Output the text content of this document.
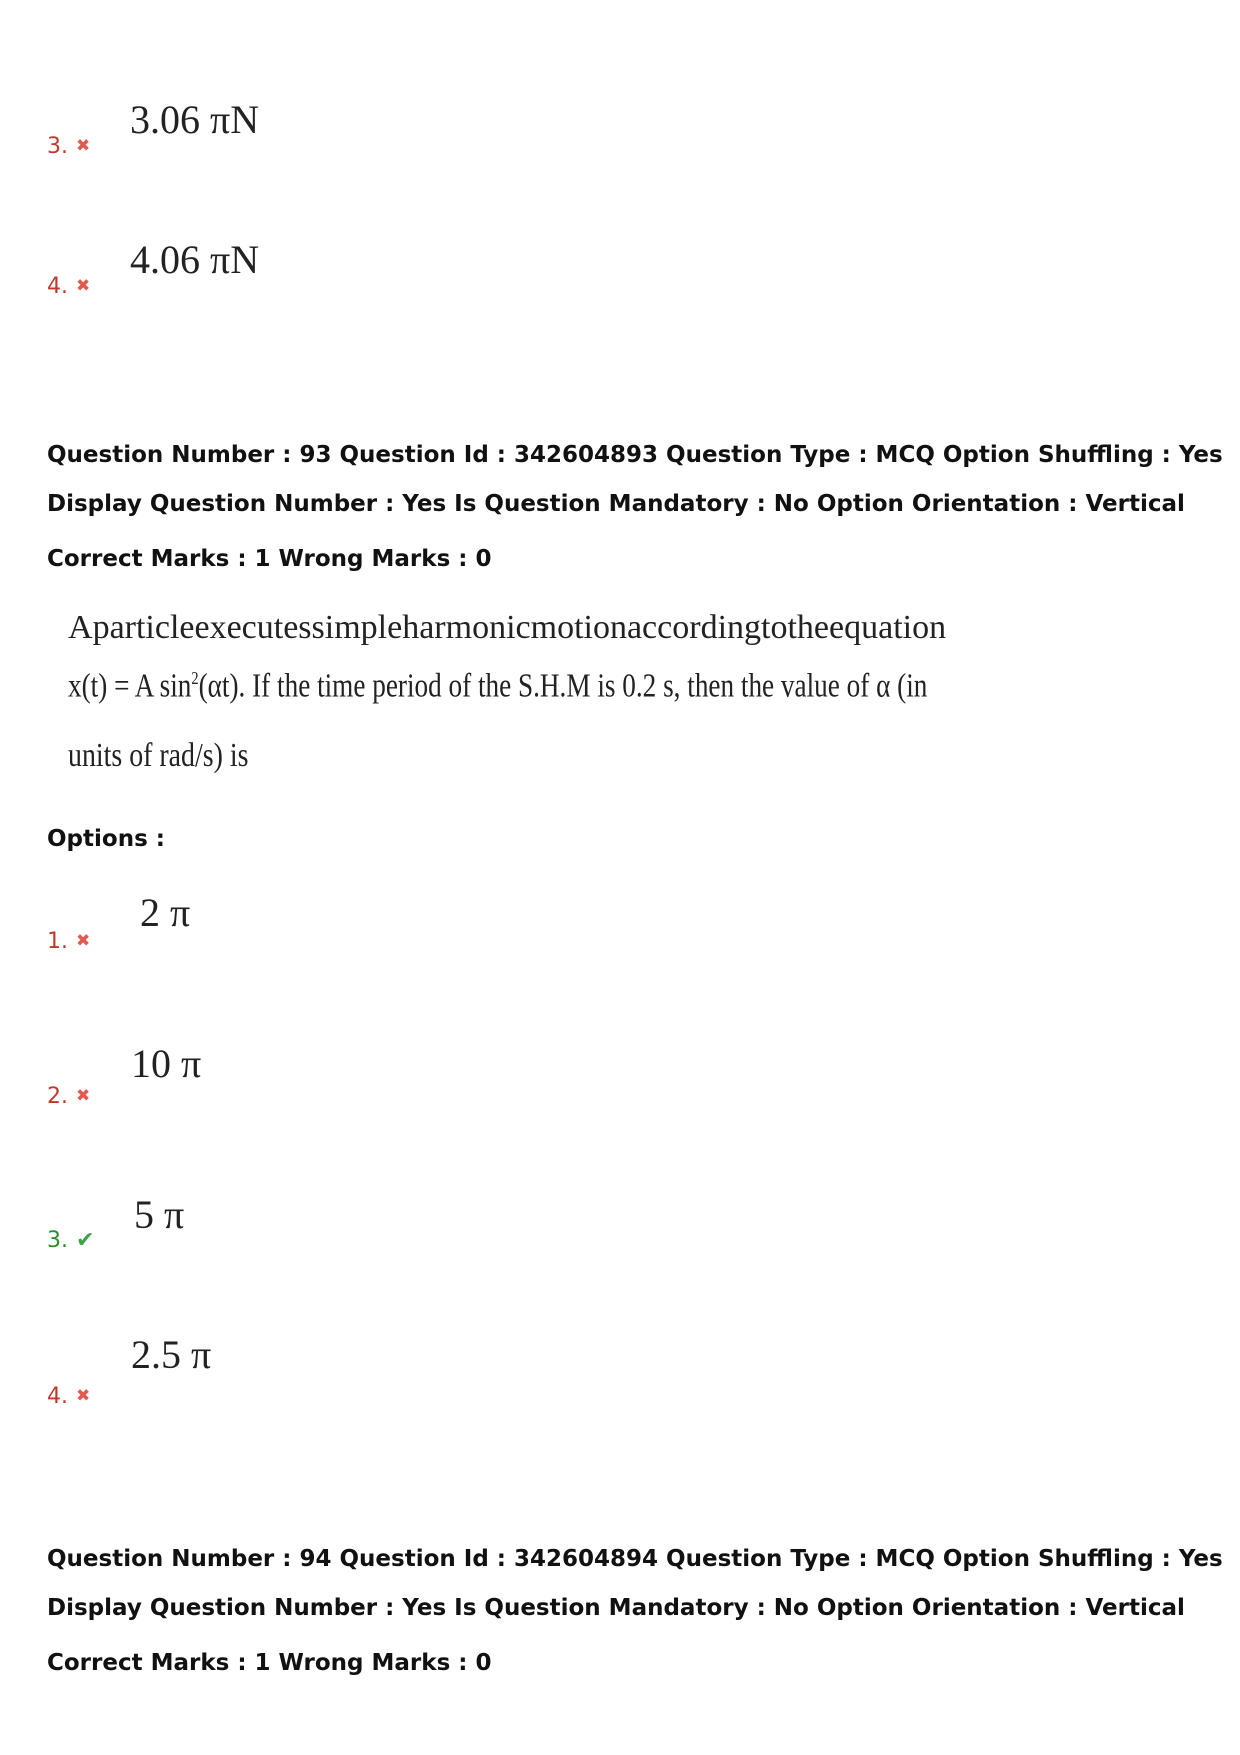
3.06 πN
3. ✖
4.06 πN
4. ✖
Question Number : 93 Question Id : 342604893 Question Type : MCQ Option Shuffling : Yes
Display Question Number : Yes Is Question Mandatory : No Option Orientation : Vertical
Correct Marks : 1 Wrong Marks : 0
A particle executes simple harmonic motion according to the equation
x(t) = A $\sin^2(\alpha t)$. If the time period of the S.H.M is 0.2 s, then the value of α (in
units of rad/s) is
Options :
2 π
1. ✖
10 π
2. ✖
5 π
3. ✔
2.5 π
4. ✖
Question Number : 94 Question Id : 342604894 Question Type : MCQ Option Shuffling : Yes
Display Question Number : Yes Is Question Mandatory : No Option Orientation : Vertical
Correct Marks : 1 Wrong Marks : 0
